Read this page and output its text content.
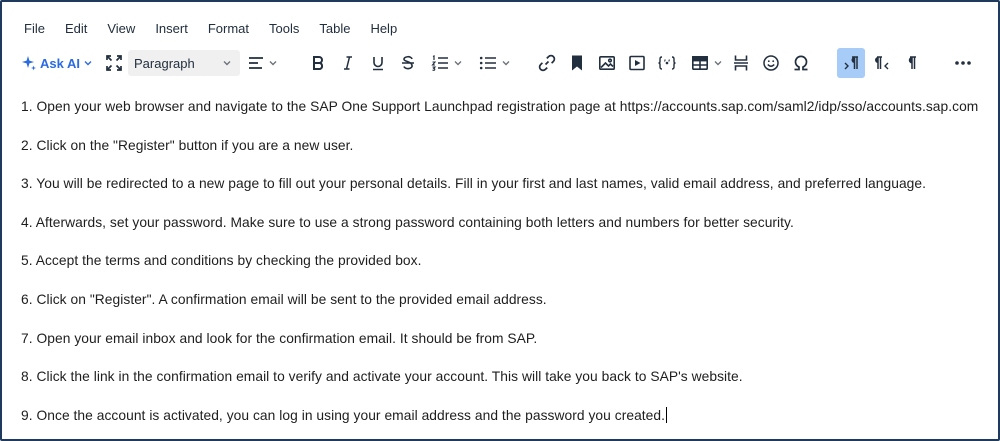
File	Edit	View	Insert	Format	Tools	Table	Help
Ask AI	Paragraph

1. Open your web browser and navigate to the SAP One Support Launchpad registration page at https://accounts.sap.com/saml2/idp/sso/accounts.sap.com

2. Click on the "Register" button if you are a new user.

3. You will be redirected to a new page to fill out your personal details. Fill in your first and last names, valid email address, and preferred language.

4. Afterwards, set your password. Make sure to use a strong password containing both letters and numbers for better security.

5. Accept the terms and conditions by checking the provided box.

6. Click on "Register". A confirmation email will be sent to the provided email address.

7. Open your email inbox and look for the confirmation email. It should be from SAP.

8. Click the link in the confirmation email to verify and activate your account. This will take you back to SAP's website.

9. Once the account is activated, you can log in using your email address and the password you created.
